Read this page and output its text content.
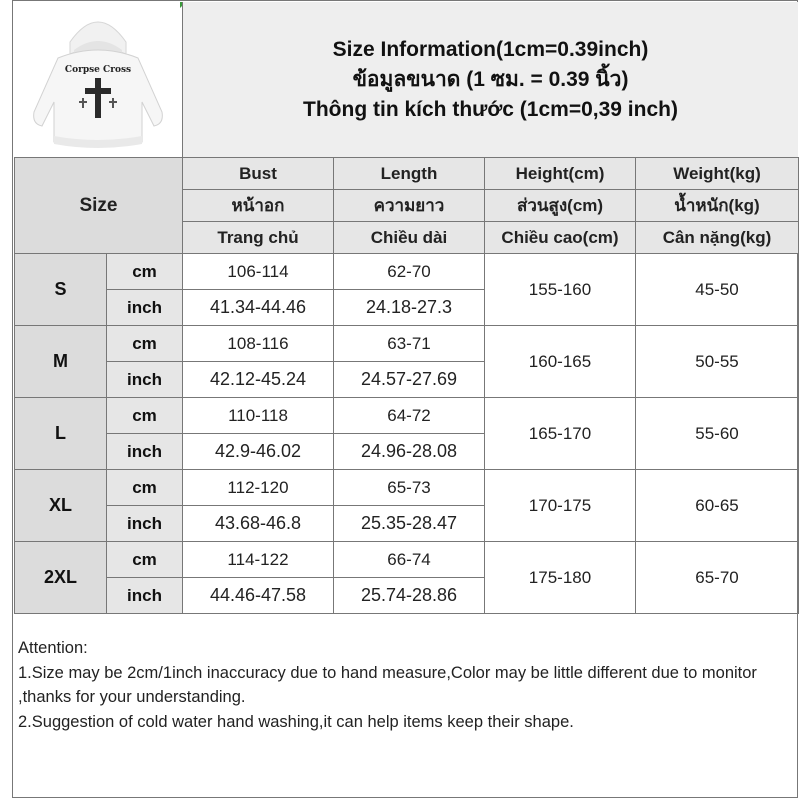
Corpse Cross
Size Information(1cm=0.39inch)
ข้อมูลขนาด (1 ซม. = 0.39 นิ้ว)
Thông tin kích thước (1cm=0,39 inch)
Size		Bust	Length	Height(cm)	Weight(kg)
		หน้าอก	ความยาว	ส่วนสูง(cm)	น้ำหนัก(kg)
		Trang chủ	Chiều dài	Chiều cao(cm)	Cân nặng(kg)
S	cm	106-114	62-70	155-160	45-50
	inch	41.34-44.46	24.18-27.3		
M	cm	108-116	63-71	160-165	50-55
	inch	42.12-45.24	24.57-27.69		
L	cm	110-118	64-72	165-170	55-60
	inch	42.9-46.02	24.96-28.08		
XL	cm	112-120	65-73	170-175	60-65
	inch	43.68-46.8	25.35-28.47		
2XL	cm	114-122	66-74	175-180	65-70
	inch	44.46-47.58	25.74-28.86		
Attention:
1.Size may be 2cm/1inch inaccuracy due to hand measure,Color may be little different due to monitor ,thanks for your understanding.
2.Suggestion of cold water hand washing,it can help items keep their shape.
